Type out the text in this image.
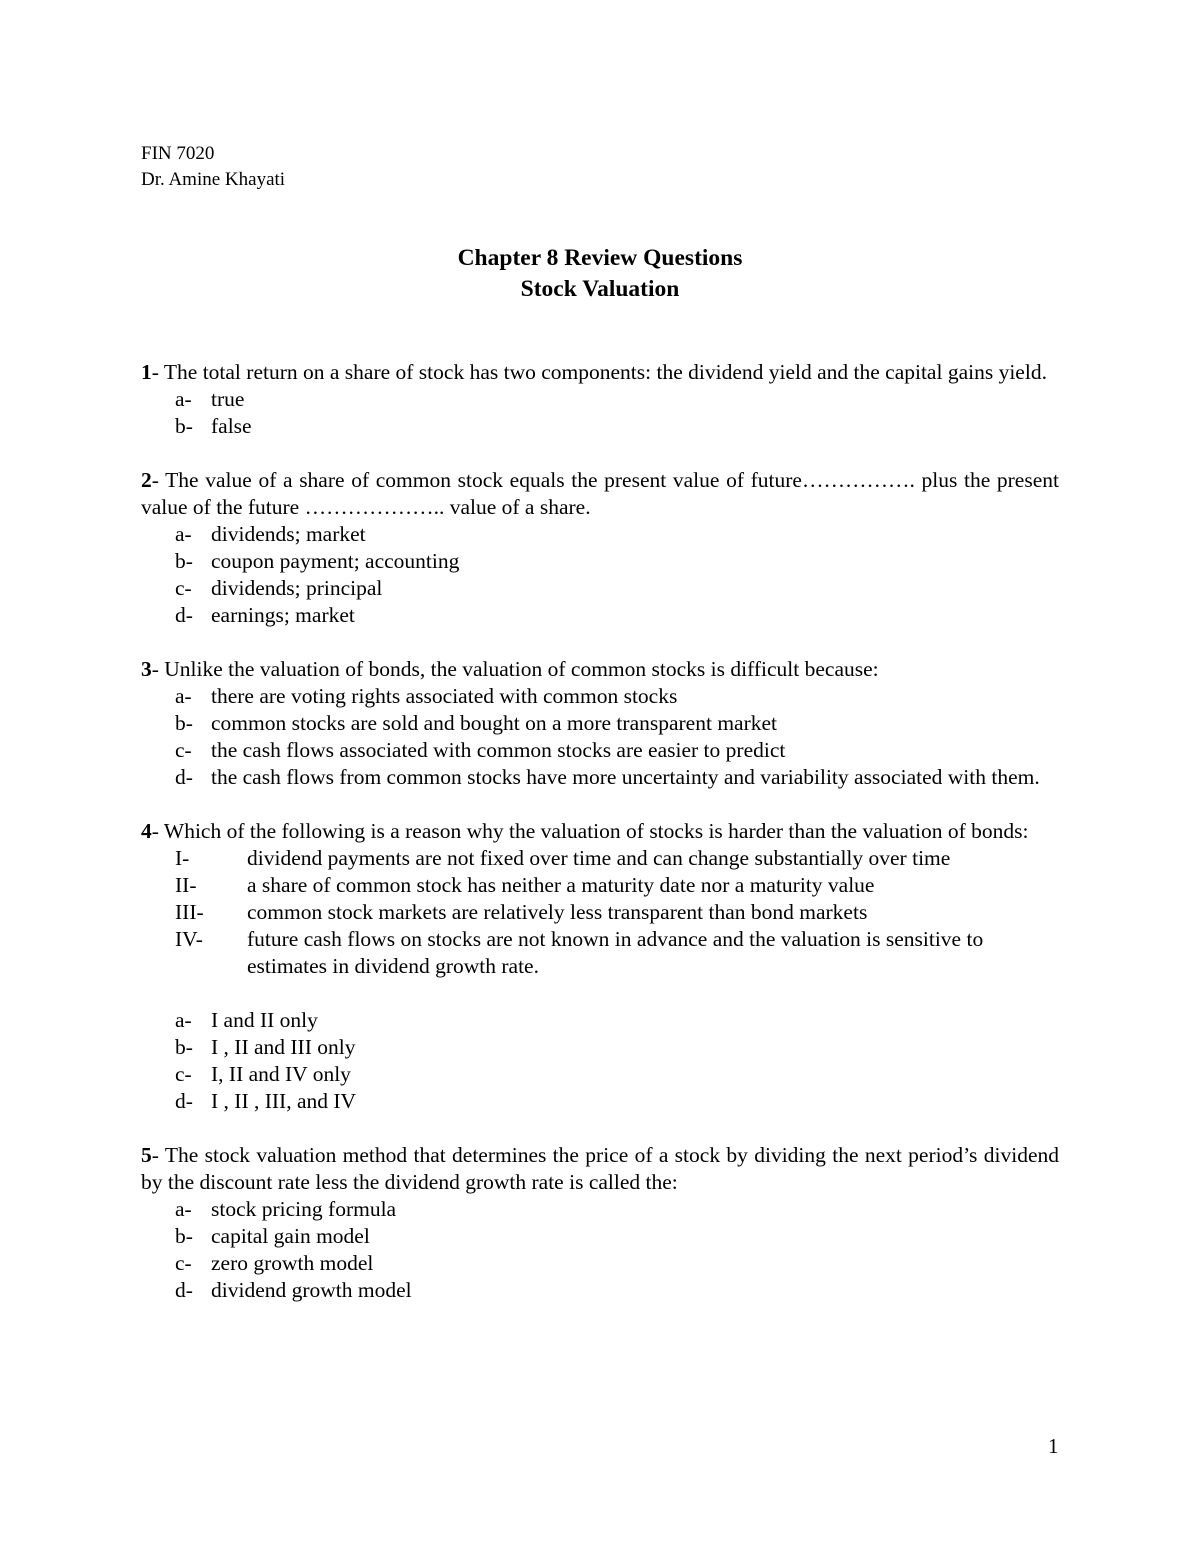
FIN 7020
Dr. Amine Khayati
Chapter 8 Review Questions
Stock Valuation
1- The total return on a share of stock has two components: the dividend yield and the capital gains yield.
a- true
b- false
2- The value of a share of common stock equals the present value of future……………. plus the present value of the future ……………….. value of a share.
a- dividends; market
b- coupon payment; accounting
c- dividends; principal
d- earnings; market
3- Unlike the valuation of bonds, the valuation of common stocks is difficult because:
a- there are voting rights associated with common stocks
b- common stocks are sold and bought on a more transparent market
c- the cash flows associated with common stocks are easier to predict
d- the cash flows from common stocks have more uncertainty and variability associated with them.
4- Which of the following is a reason why the valuation of stocks is harder than the valuation of bonds:
I-	dividend payments are not fixed over time and can change substantially over time
II-	a share of common stock has neither a maturity date nor a maturity value
III-	common stock markets are relatively less transparent than bond markets
IV-	future cash flows on stocks are not known in advance and the valuation is sensitive to estimates in dividend growth rate.
a- I and II only
b- I , II and III only
c- I, II and IV only
d- I , II , III, and IV
5- The stock valuation method that determines the price of a stock by dividing the next period’s dividend by the discount rate less the dividend growth rate is called the:
a- stock pricing formula
b- capital gain model
c- zero growth model
d- dividend growth model
1
